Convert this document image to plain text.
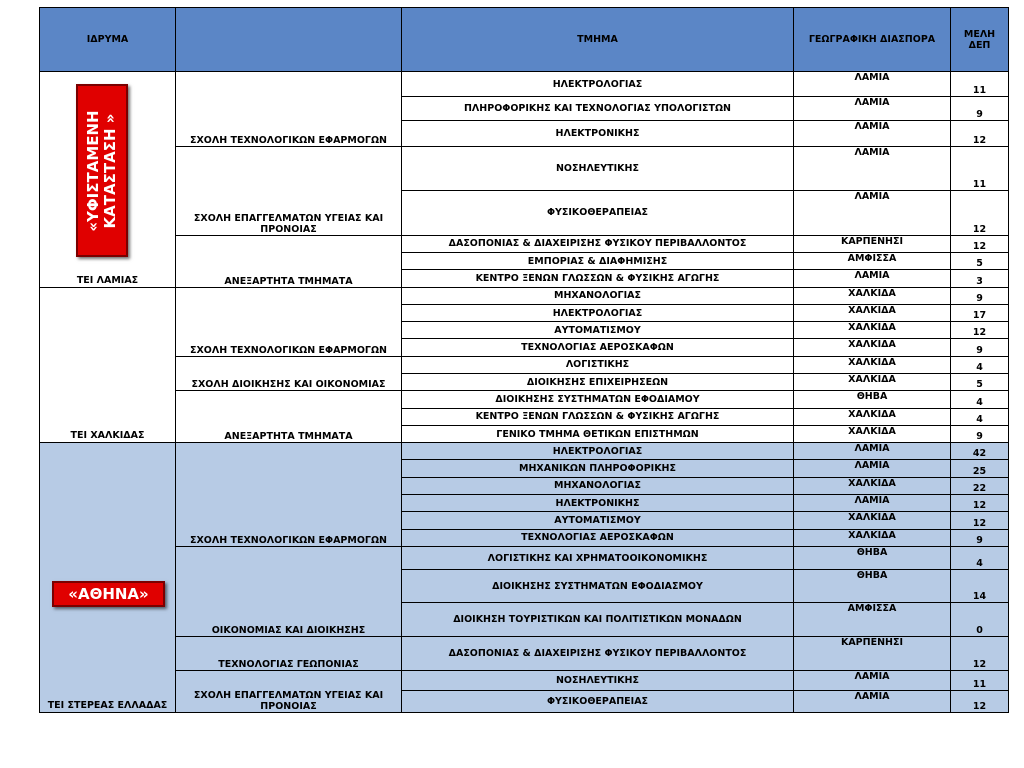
ΙΔΡΥΜΑ		ΤΜΗΜΑ	ΓΕΩΓΡΑΦΙΚΗ ΔΙΑΣΠΟΡΑ	ΜΕΛΗ ΔΕΠ

«ΥΦΙΣΤΑΜΕΝΗ ΚΑΤΑΣΤΑΣΗ »
ΤΕΙ ΛΑΜΙΑΣ	ΣΧΟΛΗ ΤΕΧΝΟΛΟΓΙΚΩΝ ΕΦΑΡΜΟΓΩΝ	ΗΛΕΚΤΡΟΛΟΓΙΑΣ	ΛΑΜΙΑ	11
		ΠΛΗΡΟΦΟΡΙΚΗΣ ΚΑΙ ΤΕΧΝΟΛΟΓΙΑΣ ΥΠΟΛΟΓΙΣΤΩΝ	ΛΑΜΙΑ	9
		ΗΛΕΚΤΡΟΝΙΚΗΣ	ΛΑΜΙΑ	12
	ΣΧΟΛΗ ΕΠΑΓΓΕΛΜΑΤΩΝ ΥΓΕΙΑΣ ΚΑΙ ΠΡΟΝΟΙΑΣ	ΝΟΣΗΛΕΥΤΙΚΗΣ	ΛΑΜΙΑ	11
		ΦΥΣΙΚΟΘΕΡΑΠΕΙΑΣ	ΛΑΜΙΑ	12
	ΑΝΕΞΑΡΤΗΤΑ ΤΜΗΜΑΤΑ	ΔΑΣΟΠΟΝΙΑΣ & ΔΙΑΧΕΙΡΙΣΗΣ ΦΥΣΙΚΟΥ ΠΕΡΙΒΑΛΛΟΝΤΟΣ	ΚΑΡΠΕΝΗΣΙ	12
		ΕΜΠΟΡΙΑΣ & ΔΙΑΦΗΜΙΣΗΣ	ΑΜΦΙΣΣΑ	5
		ΚΕΝΤΡΟ ΞΕΝΩΝ ΓΛΩΣΣΩΝ & ΦΥΣΙΚΗΣ ΑΓΩΓΗΣ	ΛΑΜΙΑ	3

ΤΕΙ ΧΑΛΚΙΔΑΣ	ΣΧΟΛΗ ΤΕΧΝΟΛΟΓΙΚΩΝ ΕΦΑΡΜΟΓΩΝ	ΜΗΧΑΝΟΛΟΓΙΑΣ	ΧΑΛΚΙΔΑ	9
		ΗΛΕΚΤΡΟΛΟΓΙΑΣ	ΧΑΛΚΙΔΑ	17
		ΑΥΤΟΜΑΤΙΣΜΟΥ	ΧΑΛΚΙΔΑ	12
		ΤΕΧΝΟΛΟΓΙΑΣ ΑΕΡΟΣΚΑΦΩΝ	ΧΑΛΚΙΔΑ	9
	ΣΧΟΛΗ ΔΙΟΙΚΗΣΗΣ ΚΑΙ ΟΙΚΟΝΟΜΙΑΣ	ΛΟΓΙΣΤΙΚΗΣ	ΧΑΛΚΙΔΑ	4
		ΔΙΟΙΚΗΣΗΣ ΕΠΙΧΕΙΡΗΣΕΩΝ	ΧΑΛΚΙΔΑ	5
	ΑΝΕΞΑΡΤΗΤΑ ΤΜΗΜΑΤΑ	ΔΙΟΙΚΗΣΗΣ ΣΥΣΤΗΜΑΤΩΝ ΕΦΟΔΙΑΜΟΥ	ΘΗΒΑ	4
		ΚΕΝΤΡΟ ΞΕΝΩΝ ΓΛΩΣΣΩΝ & ΦΥΣΙΚΗΣ ΑΓΩΓΗΣ	ΧΑΛΚΙΔΑ	4
		ΓΕΝΙΚΟ ΤΜΗΜΑ ΘΕΤΙΚΩΝ ΕΠΙΣΤΗΜΩΝ	ΧΑΛΚΙΔΑ	9

«ΑΘΗΝΑ»
ΤΕΙ ΣΤΕΡΕΑΣ ΕΛΛΑΔΑΣ	ΣΧΟΛΗ ΤΕΧΝΟΛΟΓΙΚΩΝ ΕΦΑΡΜΟΓΩΝ	ΗΛΕΚΤΡΟΛΟΓΙΑΣ	ΛΑΜΙΑ	42
		ΜΗΧΑΝΙΚΩΝ ΠΛΗΡΟΦΟΡΙΚΗΣ	ΛΑΜΙΑ	25
		ΜΗΧΑΝΟΛΟΓΙΑΣ	ΧΑΛΚΙΔΑ	22
		ΗΛΕΚΤΡΟΝΙΚΗΣ	ΛΑΜΙΑ	12
		ΑΥΤΟΜΑΤΙΣΜΟΥ	ΧΑΛΚΙΔΑ	12
		ΤΕΧΝΟΛΟΓΙΑΣ ΑΕΡΟΣΚΑΦΩΝ	ΧΑΛΚΙΔΑ	9
	ΟΙΚΟΝΟΜΙΑΣ ΚΑΙ ΔΙΟΙΚΗΣΗΣ	ΛΟΓΙΣΤΙΚΗΣ ΚΑΙ ΧΡΗΜΑΤΟΟΙΚΟΝΟΜΙΚΗΣ	ΘΗΒΑ	4
		ΔΙΟΙΚΗΣΗΣ ΣΥΣΤΗΜΑΤΩΝ ΕΦΟΔΙΑΣΜΟΥ	ΘΗΒΑ	14
		ΔΙΟΙΚΗΣΗ ΤΟΥΡΙΣΤΙΚΩΝ ΚΑΙ ΠΟΛΙΤΙΣΤΙΚΩΝ ΜΟΝΑΔΩΝ	ΑΜΦΙΣΣΑ	0
	ΤΕΧΝΟΛΟΓΙΑΣ ΓΕΩΠΟΝΙΑΣ	ΔΑΣΟΠΟΝΙΑΣ & ΔΙΑΧΕΙΡΙΣΗΣ ΦΥΣΙΚΟΥ ΠΕΡΙΒΑΛΛΟΝΤΟΣ	ΚΑΡΠΕΝΗΣΙ	12
	ΣΧΟΛΗ ΕΠΑΓΓΕΛΜΑΤΩΝ ΥΓΕΙΑΣ ΚΑΙ ΠΡΟΝΟΙΑΣ	ΝΟΣΗΛΕΥΤΙΚΗΣ	ΛΑΜΙΑ	11
		ΦΥΣΙΚΟΘΕΡΑΠΕΙΑΣ	ΛΑΜΙΑ	12
